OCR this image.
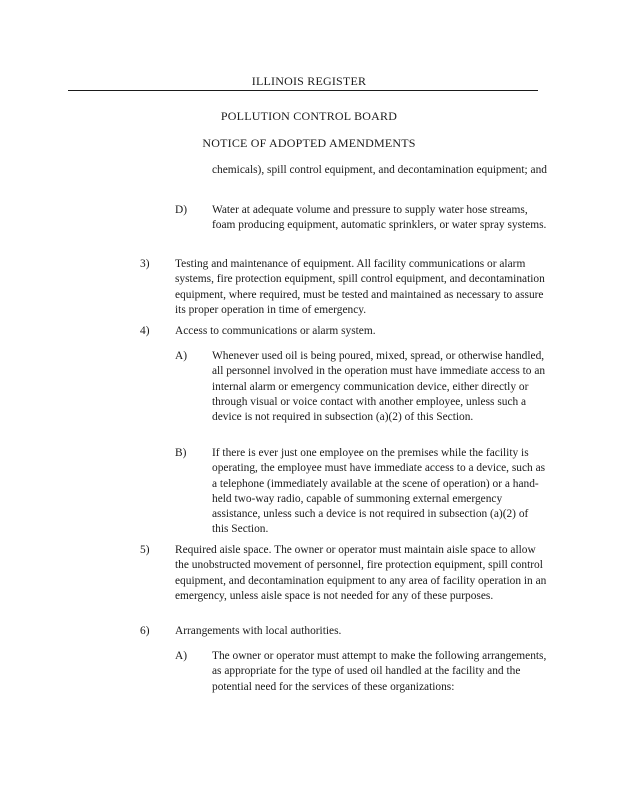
ILLINOIS REGISTER
POLLUTION CONTROL BOARD
NOTICE OF ADOPTED AMENDMENTS
chemicals), spill control equipment, and decontamination equipment; and
D) Water at adequate volume and pressure to supply water hose streams, foam producing equipment, automatic sprinklers, or water spray systems.
3) Testing and maintenance of equipment. All facility communications or alarm systems, fire protection equipment, spill control equipment, and decontamination equipment, where required, must be tested and maintained as necessary to assure its proper operation in time of emergency.
4) Access to communications or alarm system.
A) Whenever used oil is being poured, mixed, spread, or otherwise handled, all personnel involved in the operation must have immediate access to an internal alarm or emergency communication device, either directly or through visual or voice contact with another employee, unless such a device is not required in subsection (a)(2) of this Section.
B) If there is ever just one employee on the premises while the facility is operating, the employee must have immediate access to a device, such as a telephone (immediately available at the scene of operation) or a hand-held two-way radio, capable of summoning external emergency assistance, unless such a device is not required in subsection (a)(2) of this Section.
5) Required aisle space. The owner or operator must maintain aisle space to allow the unobstructed movement of personnel, fire protection equipment, spill control equipment, and decontamination equipment to any area of facility operation in an emergency, unless aisle space is not needed for any of these purposes.
6) Arrangements with local authorities.
A) The owner or operator must attempt to make the following arrangements, as appropriate for the type of used oil handled at the facility and the potential need for the services of these organizations:
